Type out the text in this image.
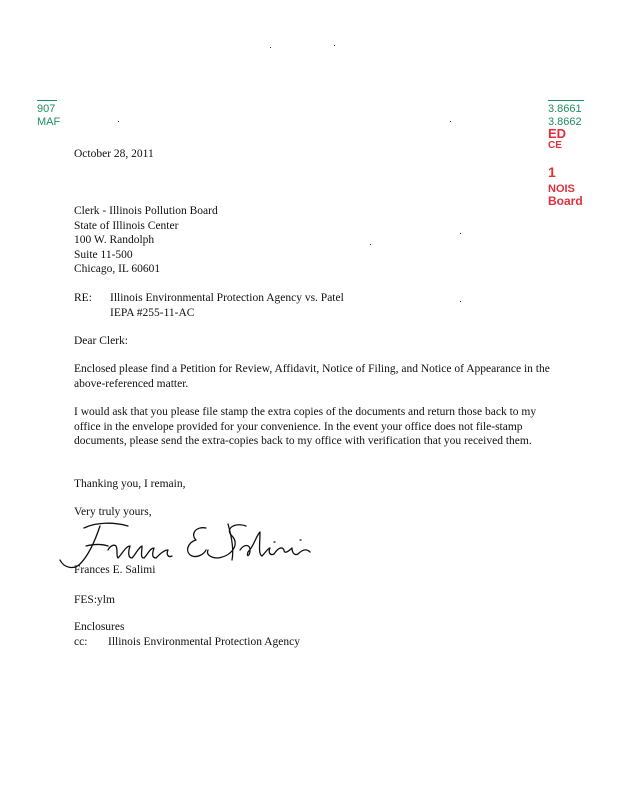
907
MAF
3.8661
3.8662
ED
CE
1
NOIS
Board
October 28, 2011
Clerk - Illinois Pollution Board
State of Illinois Center
100 W. Randolph
Suite 11-500
Chicago, IL 60601
RE: Illinois Environmental Protection Agency vs. Patel
IEPA #255-11-AC
Dear Clerk:
Enclosed please find a Petition for Review, Affidavit, Notice of Filing, and Notice of Appearance in the above-referenced matter.
I would ask that you please file stamp the extra copies of the documents and return those back to my office in the envelope provided for your convenience. In the event your office does not file-stamp documents, please send the extra-copies back to my office with verification that you received them.
Thanking you, I remain,
Very truly yours,
Frances E. Salimi
FES:ylm
Enclosures
cc: Illinois Environmental Protection Agency
